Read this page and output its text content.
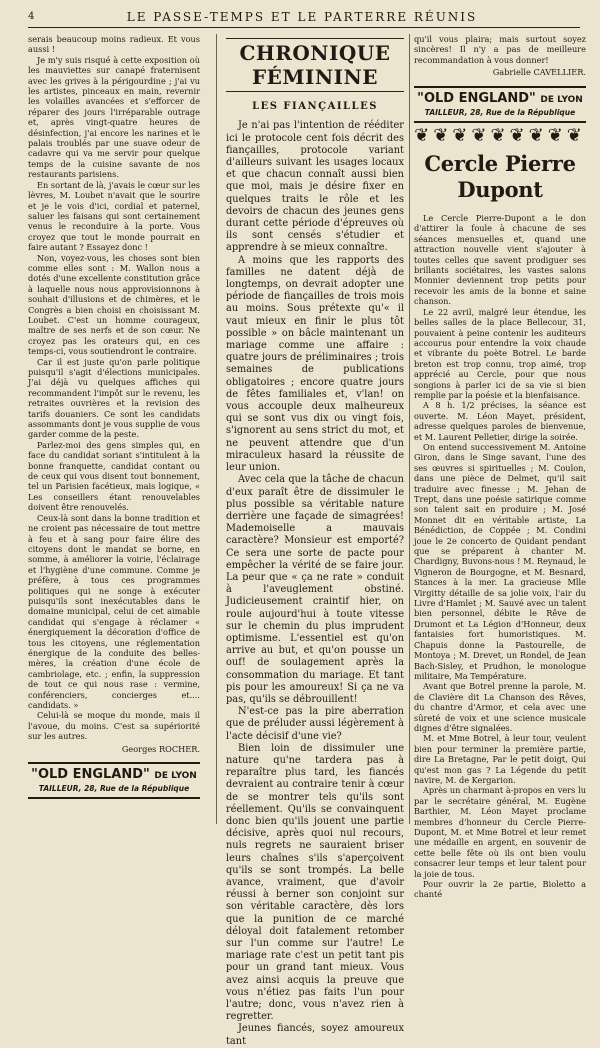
4	LE PASSE-TEMPS ET LE PARTERRE RÉUNIS

serais beaucoup moins radieux. Et vous aussi !

Je m'y suis risqué à cette exposition où les mauviettes sur canapé fraternisent avec les grives à la périgourdine ; j'ai vu les artistes, pinceaux en main, revernir les volailles avancées et s'efforcer de réparer des jours l'irréparable outrage et, après vingt-quatre heures de désinfection, j'ai encore les narines et le palais troublés par une suave odeur de cadavre qui va me servir pour quelque temps de la cuisine savante de nos restaurants parisiens.

En sortant de là, j'avais le cœur sur les lèvres, M. Loubet n'avait que le sourire et je le vois d'ici, cordial et paternel, saluer les faisans qui sont certainement venus le reconduire à la porte. Vous croyez que tout le monde pourrait en faire autant ? Essayez donc !

Non, voyez-vous, les choses sont bien comme elles sont : M. Wallon nous a dotés d'une excellente constitution grâce à laquelle nous nous approvisionnons à souhait d'illusions et de chimères, et le Congrès a bien choisi en choisissant M. Loubet. C'est un homme courageux, maître de ses nerfs et de son cœur. Ne croyez pas les orateurs qui, en ces temps-ci, vous soutiendront le contraire.

Car il est juste qu'on parle politique puisqu'il s'agit d'élections municipales. J'ai déjà vu quelques affiches qui recommandent l'impôt sur le revenu, les retraites ouvrières et la revision des tarifs douaniers. Ce sont les candidats assommants dont je vous supplie de vous garder comme de la peste.

Parlez-moi des gens simples qui, en face du candidat soriant s'intitulent à la bonne franquette, candidat contant ou de ceux qui vous disent tout bonnement, tel un Parisien facétieux, mais logique, « Les conseillers étant renouvelables doivent être renouvelés.

Ceux-là sont dans la bonne tradition et ne croient pas nécessaire de tout mettre à feu et à sang pour faire élire des citoyens dont le mandat se borne, en somme, à améliorer la voirie, l'éclairage et l'hygiène d'une commune. Comme je préfère, à tous ces programmes politiques qui ne songe à exécuter puisqu'ils sont inexécutables dans le domaine municipal, celui de cet aimable candidat qui s'engage à réclamer « énergiquement la décoration d'office de tous les citoyens, une réglementation énergique de la conduite des belles-mères, la création d'une école de cambriolage, etc. ; enfin, la suppression de tout ce qui nous rase : vermine, conférenciers, concierges et.... candidats. »

Celui-là se moque du monde, mais il l'avoue, du moins. C'est sa supériorité sur les autres.

Georges ROCHER.

"OLD ENGLAND" DE LYON
TAILLEUR, 28, Rue de la République
CHRONIQUE FÉMININE
LES FIANÇAILLES

Je n'ai pas l'intention de rééditer ici le protocole cent fois décrit des fiançailles, protocole variant d'ailleurs suivant les usages locaux et que chacun connaît aussi bien que moi, mais je désire fixer en quelques traits le rôle et les devoirs de chacun des jeunes gens durant cette période d'épreuves où ils sont censés s'étudier et apprendre à se mieux connaître.

A moins que les rapports des familles ne datent déjà de longtemps, on devrait adopter une période de fiançailles de trois mois au moins. Sous prétexte qu'« il vaut mieux en finir le plus tôt possible » on bâcle maintenant un mariage comme une affaire : quatre jours de préliminaires ; trois semaines de publications obligatoires ; encore quatre jours de fêtes familiales et, v'lan! on vous accouple deux malheureux qui se sont vus dix ou vingt fois, s'ignorent au sens strict du mot, et ne peuvent attendre que d'un miraculeux hasard la réussite de leur union.

Avec cela que la tâche de chacun d'eux paraît être de dissimuler le plus possible sa véritable nature derrière une façade de simagrées! Mademoiselle a mauvais caractère? Monsieur est emporté? Ce sera une sorte de pacte pour empêcher la vérité de se faire jour. La peur que « ça ne rate » conduit à l'aveuglement obstiné. Judicieusement craintif hier, on roule aujourd'hui à toute vitesse sur le chemin du plus imprudent optimisme. L'essentiel est qu'on arrive au but, et qu'on pousse un ouf! de soulagement après la consommation du mariage. Et tant pis pour les amoureux! Si ça ne va pas, qu'ils se débrouillent!

N'est-ce pas la pire aberration que de préluder aussi légèrement à l'acte décisif d'une vie?

Bien loin de dissimuler une nature qu'ne tardera pas à reparaître plus tard, les fiancés devraient au contraire tenir à cœur de se montrer tels qu'ils sont réellement. Qu'ils se convainquent donc bien qu'ils jouent une partie décisive, après quoi nul recours, nuls regrets ne sauraient briser leurs chaînes s'ils s'aperçoivent qu'ils se sont trompés. La belle avance, vraiment, que d'avoir réussi à berner son conjoint sur son véritable caractère, dès lors que la punition de ce marché déloyal doit fatalement retomber sur l'un comme sur l'autre! Le mariage rate c'est un petit tant pis pour un grand tant mieux. Vous avez ainsi acquis la preuve que vous n'étiez pas faits l'un pour l'autre; donc, vous n'avez rien à regretter.

Jeunes fiancés, soyez amoureux tant

qu'il vous plaira; mais surtout soyez sincères! Il n'y a pas de meilleure recommandation à vous donner!

Gabrielle CAVELLIER.

"OLD ENGLAND" DE LYON
TAILLEUR, 28, Rue de la République
❦❦❦❦❦❦❦❦❦
Cercle Pierre Dupont

Le Cercle Pierre-Dupont a le don d'attirer la foule à chacune de ses séances mensuelles et, quand une attraction nouvelle vient s'ajouter à toutes celles que savent prodiguer ses brillants sociétaires, les vastes salons Monnier deviennent trop petits pour recevoir les amis de la bonne et saine chanson.

Le 22 avril, malgré leur étendue, les belles salles de la place Bellecour, 31, pouvaient à peine contenir les auditeurs accourus pour entendre la voix chaude et vibrante du poète Botrel. Le barde breton est trop connu, trop aimé, trop apprécié au Cercle, pour que nous songions à parler ici de sa vie si bien remplie par la poésie et la bienfaisance.

A 8 h. 1/2 précises, la séance est ouverte. M. Léon Mayet, président, adresse quelques paroles de bienvenue, et M. Laurent Pelletier, dirige la soirée.

On entend successivement M. Antoine Giron, dans le Singe savant, l'une des ses œuvres si spirituelles ; M. Coulon, dans une pièce de Delmet, qu'il sait traduire avec finesse ; M. Jehan de Trept, dans une poésie satirique comme son talent sait en produire ; M. José Monnet dit en véritable artiste, La Bénédiction, de Coppée ; M. Condini joue le 2e concerto de Quidant pendant que se préparent à chanter M. Chardigny, Buvons-nous ! M. Reynaud, le Vigneron de Bourgogne, et M. Besnard, Stances à la mer. La gracieuse Mlle Virgitty détaille de sa jolie voix, l'air du Livre d'Hamlet ; M. Sauvé avec un talent bien personnel, débite le Rêve de Drumont et La Légion d'Honneur, deux fantaisies fort humoristiques. M. Chapuis donne la Pastourelle, de Montoya ; M. Drevet, un Rondel, de Jean Bach-Sisley, et Prudhon, le monologue militaire, Ma Température.

Avant que Botrel prenne la parole, M. de Clavière dit La Chanson des Rêves, du chantre d'Armor, et cela avec une sûreté de voix et une science musicale dignes d'être signalées.

M. et Mme Botrel, à leur tour, veulent bien pour terminer la première partie, dire La Bretagne, Par le petit doigt, Qui qu'est mon gas ? La Légende du petit navire, M. de Kergarion.

Après un charmant à-propos en vers lu par le secrétaire général, M. Eugène Barthier, M. Léon Mayet proclame membres d'honneur du Cercle Pierre-Dupont, M. et Mme Botrel et leur remet une médaille en argent, en souvenir de cette belle fête où ils ont bien voulu consacrer leur temps et leur talent pour la joie de tous.

Pour ouvrir la 2e partie, Bioletto a chanté
